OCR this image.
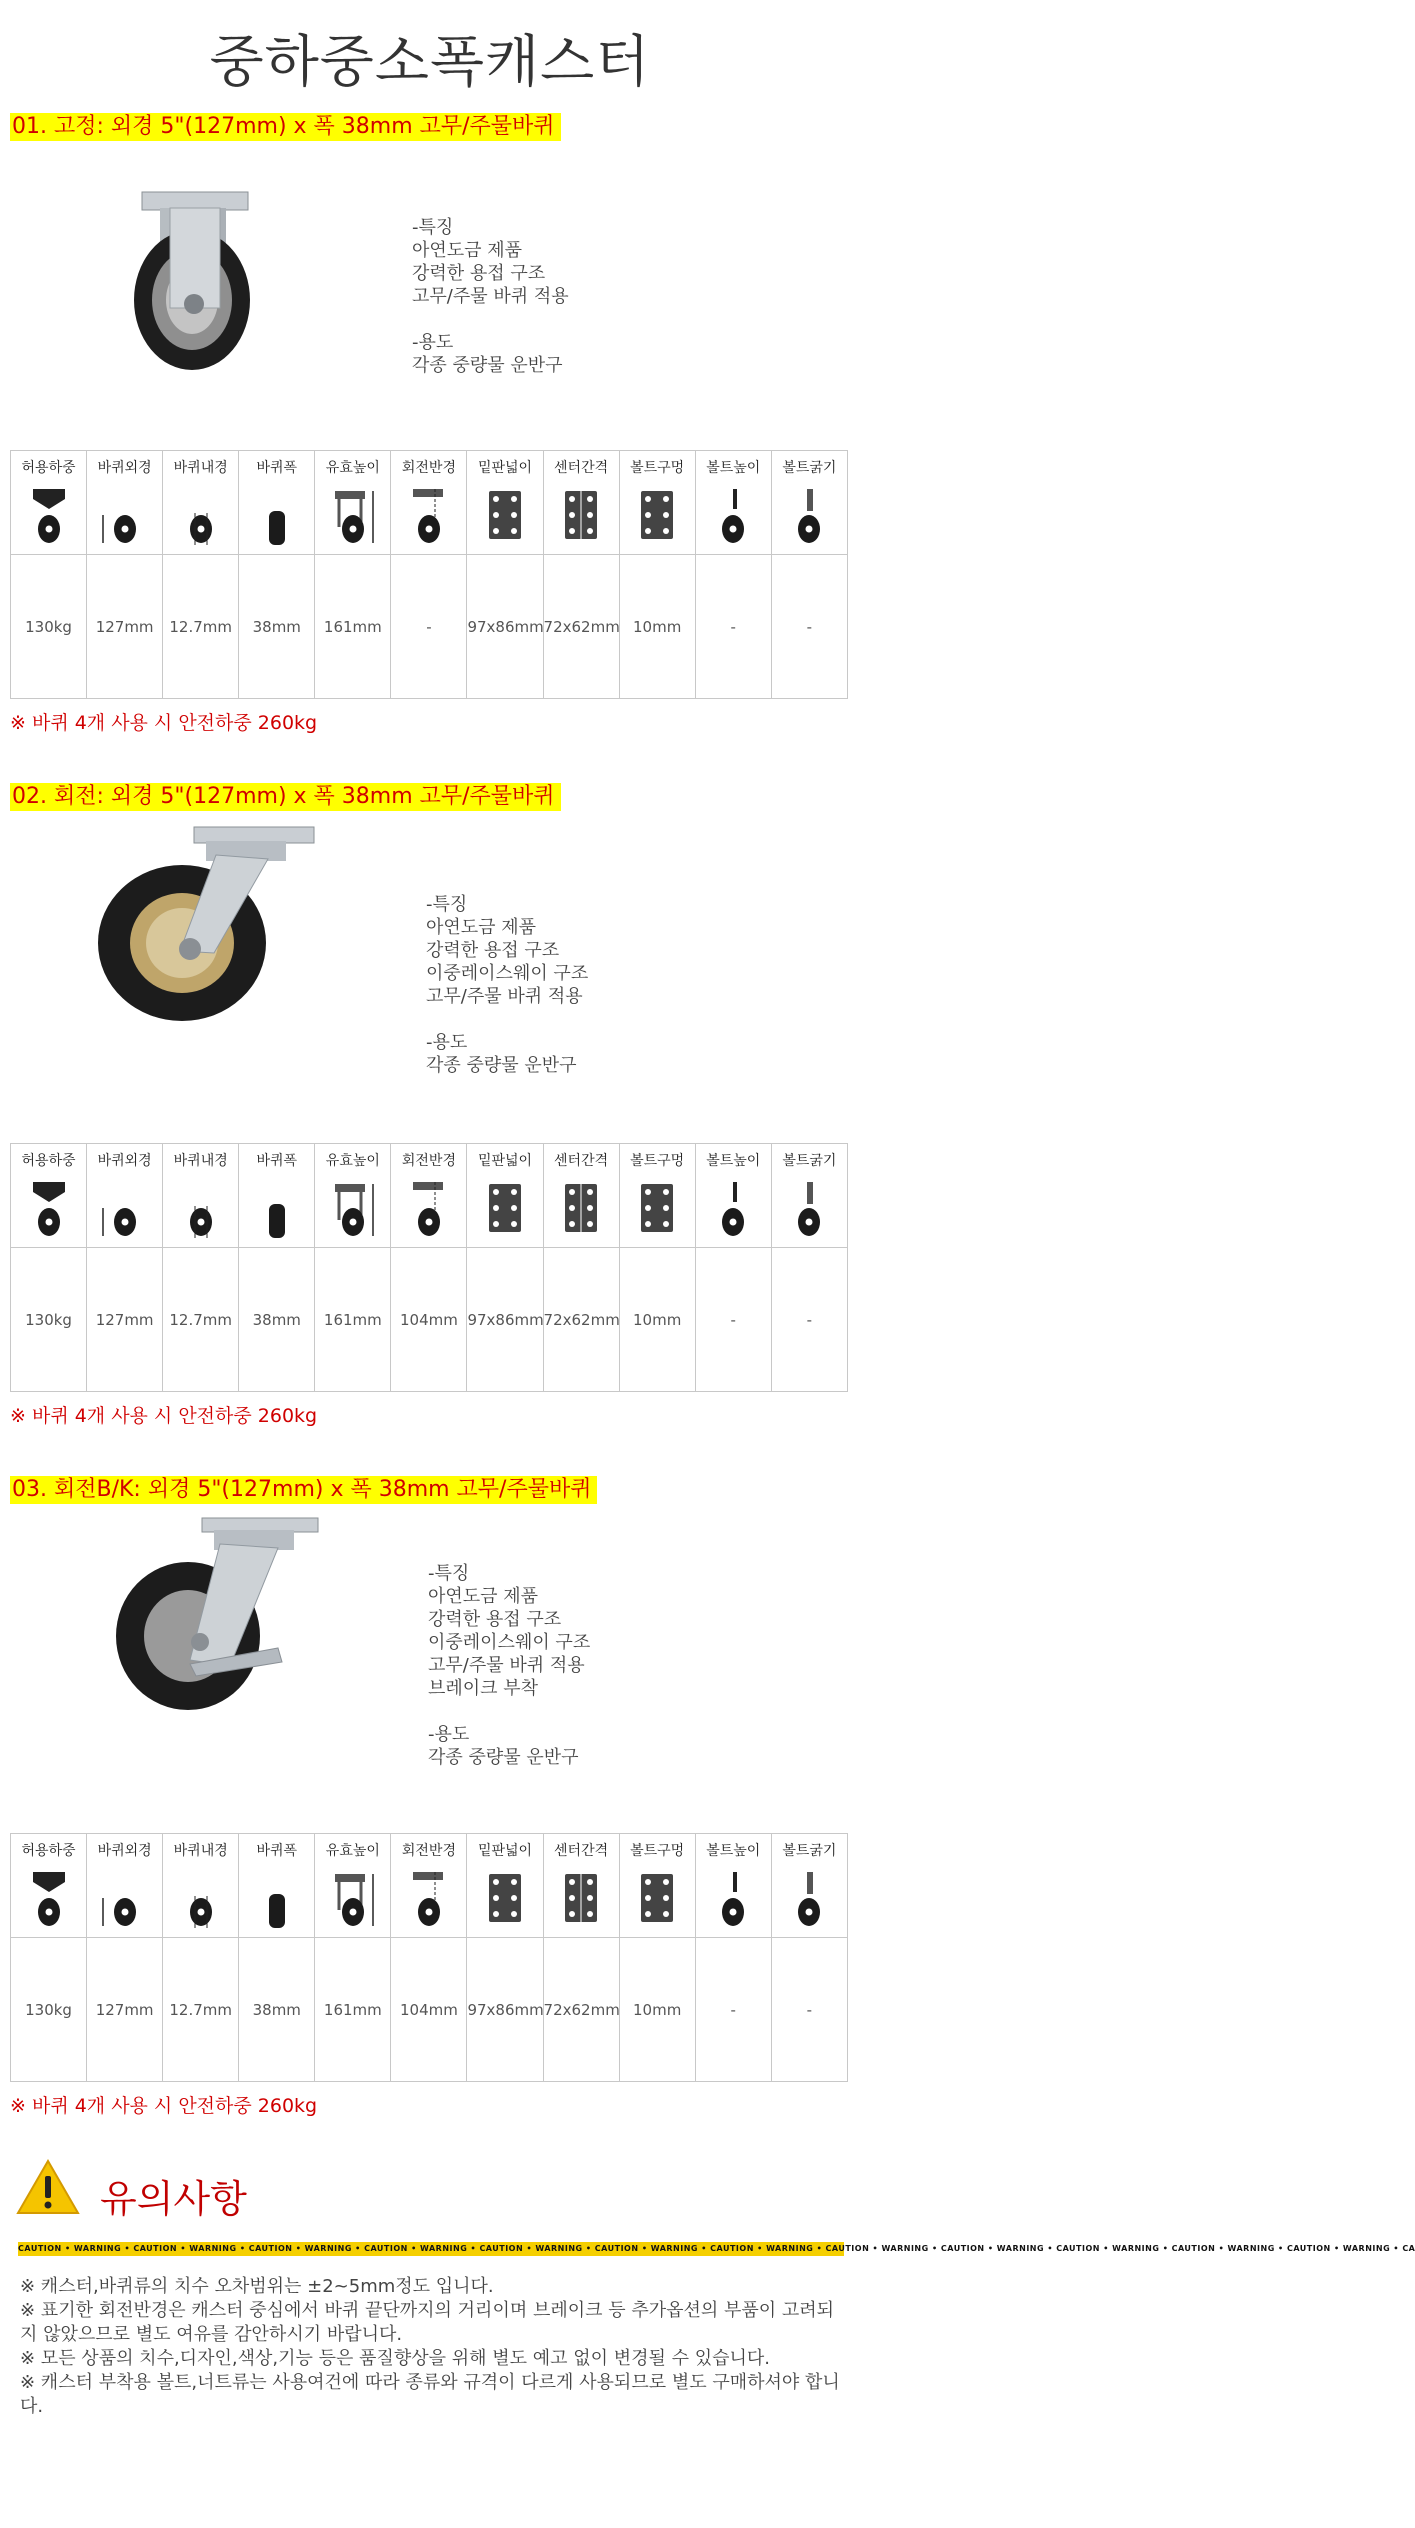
중하중소폭캐스터
01. 고정: 외경 5"(127mm) x 폭 38mm 고무/주물바퀴
-특징
아연도금 제품
강력한 용접 구조
고무/주물 바퀴 적용
-용도
각종 중량물 운반구
허용하중	바퀴외경	바퀴내경	바퀴폭	유효높이	회전반경	밑판넓이	센터간격	볼트구멍	볼트높이	볼트굵기

130kg	127mm	12.7mm	38mm	161mm	-	97x86mm	72x62mm	10mm	-	-
※ 바퀴 4개 사용 시 안전하중 260kg
02. 회전: 외경 5"(127mm) x 폭 38mm 고무/주물바퀴
-특징
아연도금 제품
강력한 용접 구조
이중레이스웨이 구조
고무/주물 바퀴 적용
-용도
각종 중량물 운반구
허용하중	바퀴외경	바퀴내경	바퀴폭	유효높이	회전반경	밑판넓이	센터간격	볼트구멍	볼트높이	볼트굵기

130kg	127mm	12.7mm	38mm	161mm	104mm	97x86mm	72x62mm	10mm	-	-
※ 바퀴 4개 사용 시 안전하중 260kg
03. 회전B/K: 외경 5"(127mm) x 폭 38mm 고무/주물바퀴
-특징
아연도금 제품
강력한 용접 구조
이중레이스웨이 구조
고무/주물 바퀴 적용
브레이크 부착
-용도
각종 중량물 운반구
허용하중	바퀴외경	바퀴내경	바퀴폭	유효높이	회전반경	밑판넓이	센터간격	볼트구멍	볼트높이	볼트굵기

130kg	127mm	12.7mm	38mm	161mm	104mm	97x86mm	72x62mm	10mm	-	-
※ 바퀴 4개 사용 시 안전하중 260kg
유의사항
CAUTION • WARNING • CAUTION • WARNING • CAUTION • WARNING • CAUTION • WARNING • CAUTION • WARNING • CAUTION • WARNING • CAUTION • WARNING • CAUTION • WARNING • CAUTION • WARNING • CAUTION • WARNING • CAUTION • WARNING • CAUTION • WARNING • CA
※ 캐스터,바퀴류의 치수 오차범위는 ±2~5mm정도 입니다.
※ 표기한 회전반경은 캐스터 중심에서 바퀴 끝단까지의 거리이며 브레이크 등 추가옵션의 부품이 고려되지 않았으므로 별도 여유를 감안하시기 바랍니다.
※ 모든 상품의 치수,디자인,색상,기능 등은 품질향상을 위해 별도 예고 없이 변경될 수 있습니다.
※ 캐스터 부착용 볼트,너트류는 사용여건에 따라 종류와 규격이 다르게 사용되므로 별도 구매하셔야 합니다.
